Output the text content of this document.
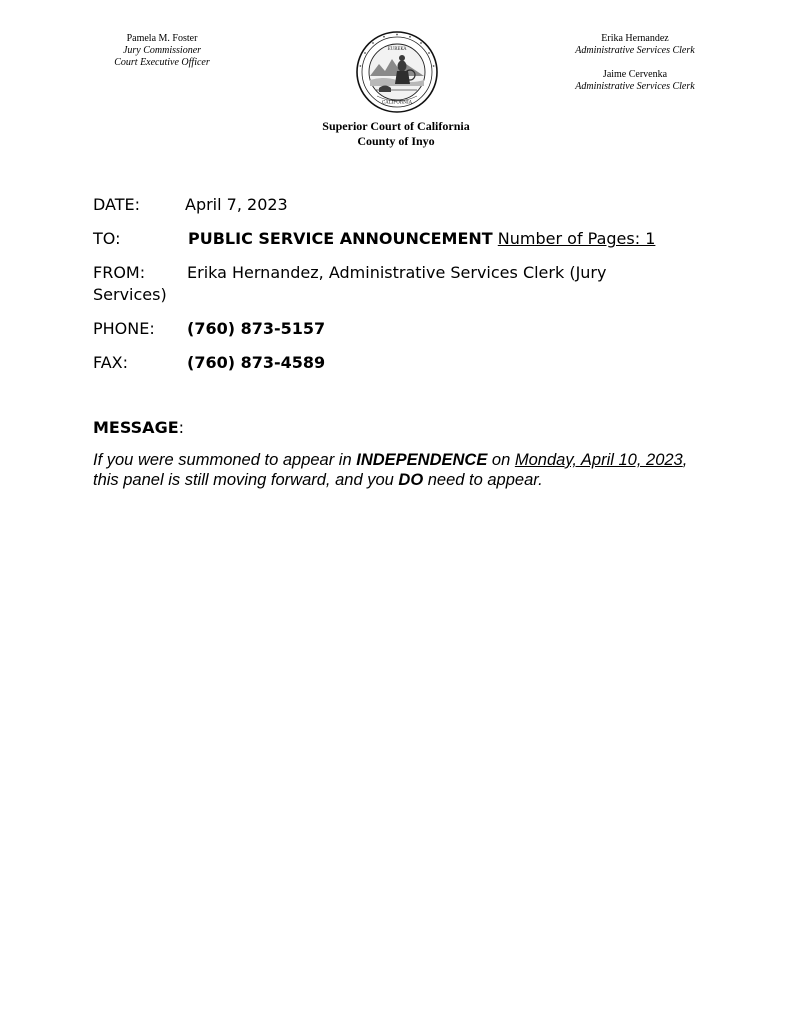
Pamela M. Foster
Jury Commissioner
Court Executive Officer
EUREKA
CALIFORNIA
Erika Hernandez
Administrative Services Clerk
Jaime Cervenka
Administrative Services Clerk
Superior Court of California
County of Inyo
DATE:	April 7, 2023
TO:	PUBLIC SERVICE ANNOUNCEMENT Number of Pages: 1
FROM:	Erika Hernandez, Administrative Services Clerk (Jury
Services)
PHONE: (760) 873-5157
FAX:	(760) 873-4589
MESSAGE:
If you were summoned to appear in INDEPENDENCE on Monday, April 10, 2023, this panel is still moving forward, and you DO need to appear.
